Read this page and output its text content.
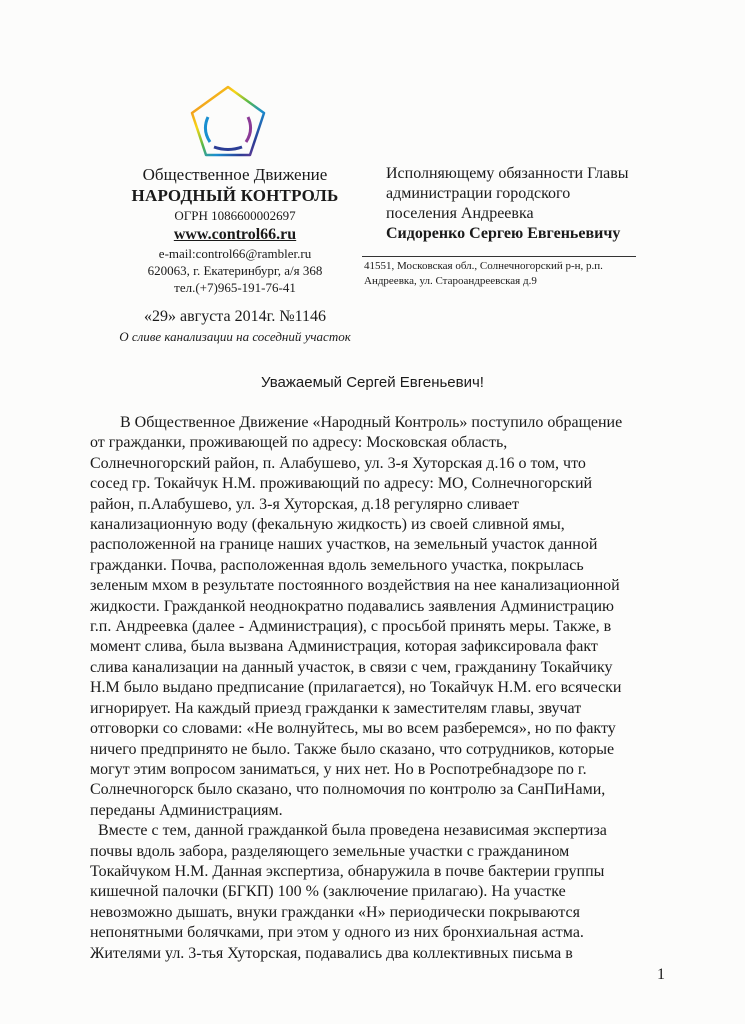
Общественное Движение
НАРОДНЫЙ КОНТРОЛЬ
ОГРН 1086600002697
www.control66.ru
e-mail:control66@rambler.ru
620063, г. Екатеринбург, а/я 368
тел.(+7)965-191-76-41
«29» августа 2014г. №1146
О сливе канализации на соседний участок
Исполняющему обязанности Главы
администрации городского
поселения Андреевка
Сидоренко Сергею Евгеньевичу
41551, Московская обл., Солнечногорский р-н, р.п.
Андреевка, ул. Староандреевская д.9
Уважаемый Сергей Евгеньевич!
В Общественное Движение «Народный Контроль» поступило обращение
от гражданки, проживающей по адресу: Московская область,
Солнечногорский район, п. Алабушево, ул. 3-я Хуторская д.16 о том, что
сосед гр. Токайчук Н.М. проживающий по адресу: МО, Солнечногорский
район, п.Алабушево, ул. 3-я Хуторская, д.18 регулярно сливает
канализационную воду (фекальную жидкость) из своей сливной ямы,
расположенной на границе наших участков, на земельный участок данной
гражданки. Почва, расположенная вдоль земельного участка, покрылась
зеленым мхом в результате постоянного воздействия на нее канализационной
жидкости. Гражданкой неоднократно подавались заявления Администрацию
г.п. Андреевка (далее - Администрация), с просьбой принять меры. Также, в
момент слива, была вызвана Администрация, которая зафиксировала факт
слива канализации на данный участок, в связи с чем, гражданину Токайчику
Н.М было выдано предписание (прилагается), но Токайчук Н.М. его всячески
игнорирует. На каждый приезд гражданки к заместителям главы, звучат
отговорки со словами: «Не волнуйтесь, мы во всем разберемся», но по факту
ничего предпринято не было. Также было сказано, что сотрудников, которые
могут этим вопросом заниматься, у них нет. Но в Роспотребнадзоре по г.
Солнечногорск было сказано, что полномочия по контролю за СанПиНами,
переданы Администрациям.
Вместе с тем, данной гражданкой была проведена независимая экспертиза
почвы вдоль забора, разделяющего земельные участки с гражданином
Токайчуком Н.М. Данная экспертиза, обнаружила в почве бактерии группы
кишечной палочки (БГКП) 100 % (заключение прилагаю). На участке
невозможно дышать, внуки гражданки «Н» периодически покрываются
непонятными болячками, при этом у одного из них бронхиальная астма.
Жителями ул. 3-тья Хуторская, подавались два коллективных письма в
1
